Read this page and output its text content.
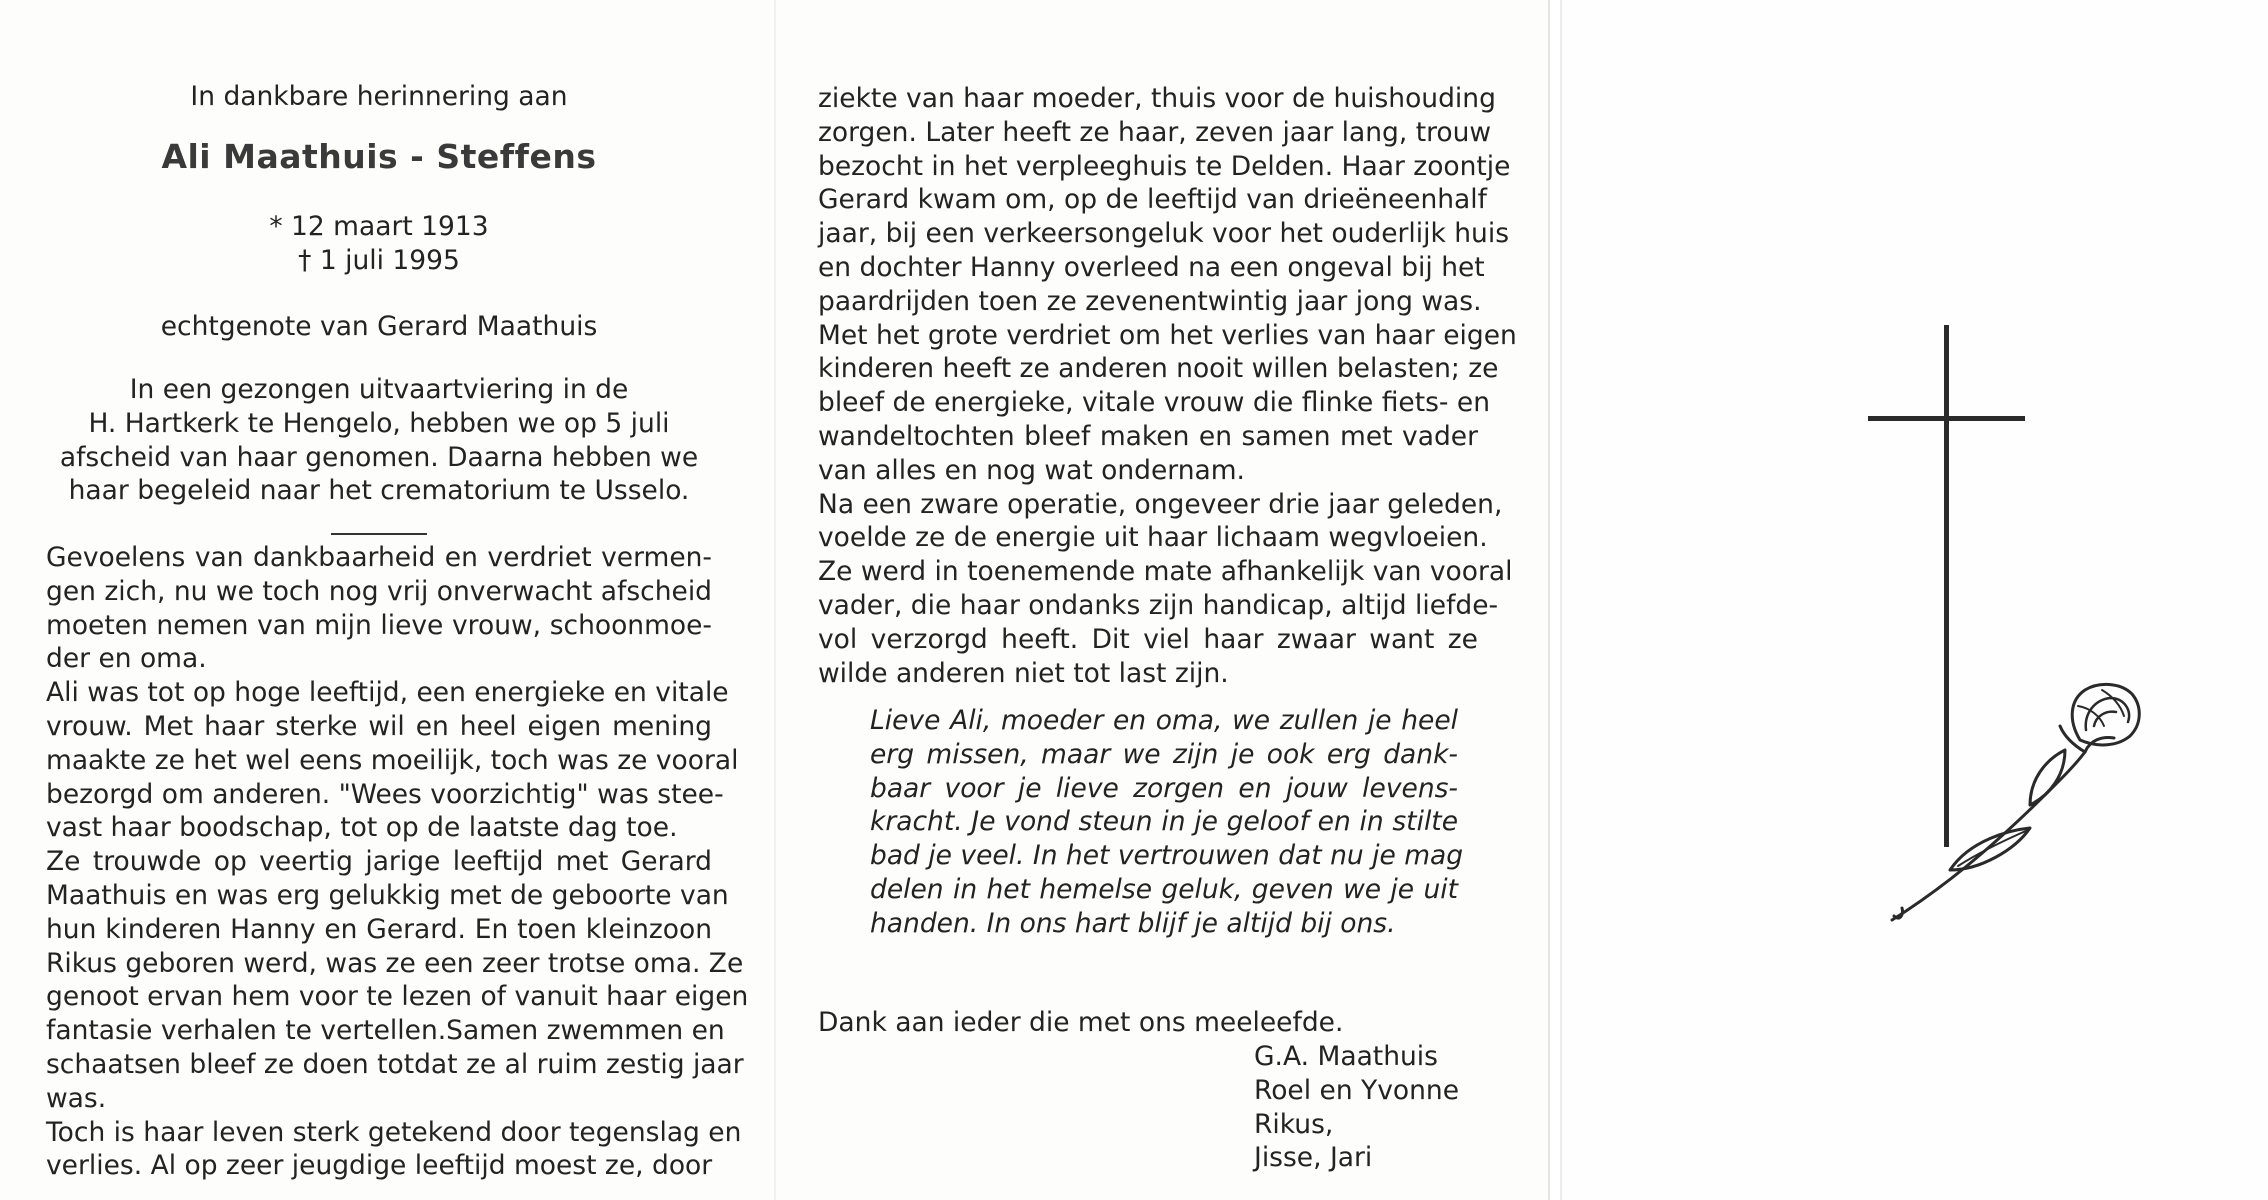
In dankbare herinnering aan
Ali Maathuis - Steffens
* 12 maart 1913
† 1 juli 1995
echtgenote van Gerard Maathuis
In een gezongen uitvaartviering in de
H. Hartkerk te Hengelo, hebben we op 5 juli
afscheid van haar genomen. Daarna hebben we
haar begeleid naar het crematorium te Usselo.
Gevoelens van dankbaarheid en verdriet vermen-
gen zich, nu we toch nog vrij onverwacht afscheid
moeten nemen van mijn lieve vrouw, schoonmoe-
der en oma.
Ali was tot op hoge leeftijd, een energieke en vitale
vrouw. Met haar sterke wil en heel eigen mening
maakte ze het wel eens moeilijk, toch was ze vooral
bezorgd om anderen. "Wees voorzichtig" was stee-
vast haar boodschap, tot op de laatste dag toe.
Ze trouwde op veertig jarige leeftijd met Gerard
Maathuis en was erg gelukkig met de geboorte van
hun kinderen Hanny en Gerard. En toen kleinzoon
Rikus geboren werd, was ze een zeer trotse oma. Ze
genoot ervan hem voor te lezen of vanuit haar eigen
fantasie verhalen te vertellen.Samen zwemmen en
schaatsen bleef ze doen totdat ze al ruim zestig jaar
was.
Toch is haar leven sterk getekend door tegenslag en
verlies. Al op zeer jeugdige leeftijd moest ze, door
ziekte van haar moeder, thuis voor de huishouding
zorgen. Later heeft ze haar, zeven jaar lang, trouw
bezocht in het verpleeghuis te Delden. Haar zoontje
Gerard kwam om, op de leeftijd van drieëneenhalf
jaar, bij een verkeersongeluk voor het ouderlijk huis
en dochter Hanny overleed na een ongeval bij het
paardrijden toen ze zevenentwintig jaar jong was.
Met het grote verdriet om het verlies van haar eigen
kinderen heeft ze anderen nooit willen belasten; ze
bleef de energieke, vitale vrouw die flinke fiets- en
wandeltochten bleef maken en samen met vader
van alles en nog wat ondernam.
Na een zware operatie, ongeveer drie jaar geleden,
voelde ze de energie uit haar lichaam wegvloeien.
Ze werd in toenemende mate afhankelijk van vooral
vader, die haar ondanks zijn handicap, altijd liefde-
vol verzorgd heeft. Dit viel haar zwaar want ze
wilde anderen niet tot last zijn.
Lieve Ali, moeder en oma, we zullen je heel
erg missen, maar we zijn je ook erg dank-
baar voor je lieve zorgen en jouw levens-
kracht. Je vond steun in je geloof en in stilte
bad je veel. In het vertrouwen dat nu je mag
delen in het hemelse geluk, geven we je uit
handen. In ons hart blijf je altijd bij ons.
Dank aan ieder die met ons meeleefde.
G.A. Maathuis
Roel en Yvonne
Rikus,
Jisse, Jari
